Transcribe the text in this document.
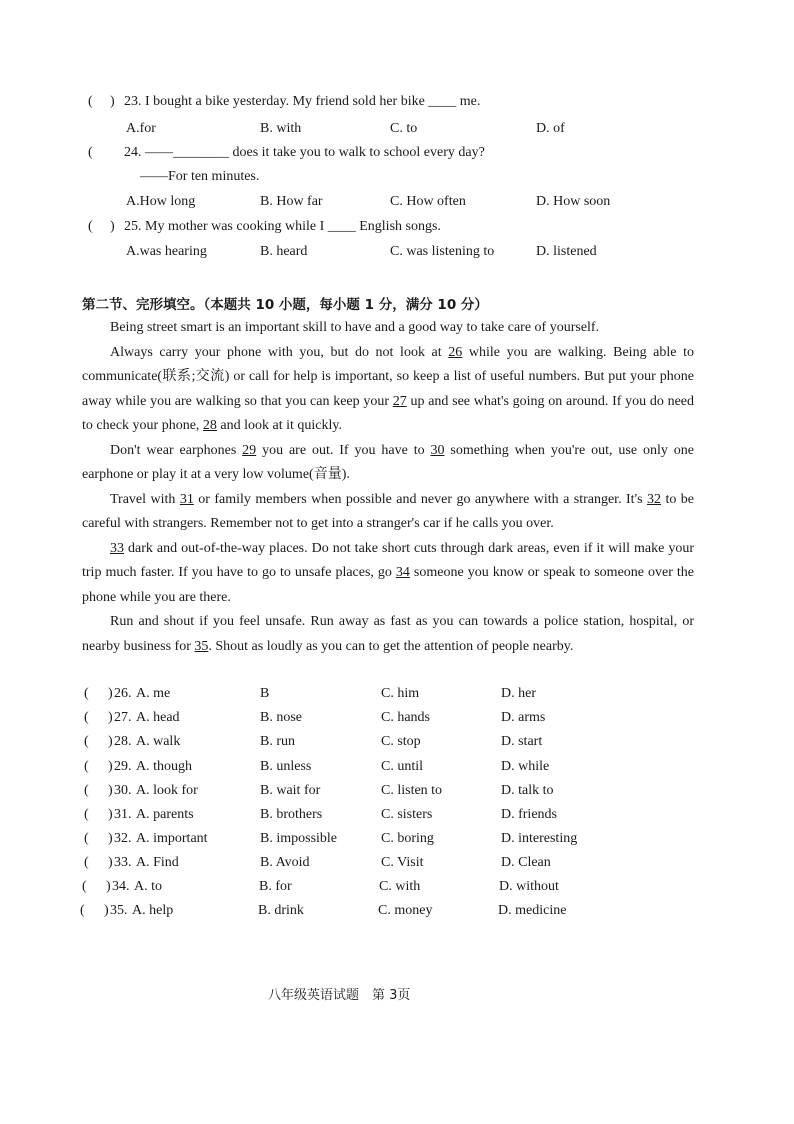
( ) 23. I bought a bike yesterday. My friend sold her bike ____ me.
A.for	B. with	C. to	D. of
( 24. ——________ does it take you to walk to school every day?
——For ten minutes.
A.How long	B. How far	C. How often	D. How soon
( ) 25. My mother was cooking while I ____ English songs.
A.was hearing	B. heard	C. was listening to	D. listened
第二节、完形填空。（本题共 10 小题，每小题 1 分，满分 10 分）
Being street smart is an important skill to have and a good way to take care of yourself.
Always carry your phone with you, but do not look at 26 while you are walking. Being able to communicate(联系;交流) or call for help is important, so keep a list of useful numbers. But put your phone away while you are walking so that you can keep your 27 up and see what's going on around. If you do need to check your phone, 28 and look at it quickly.
Don't wear earphones 29 you are out. If you have to 30 something when you're out, use only one earphone or play it at a very low volume(音量).
Travel with 31 or family members when possible and never go anywhere with a stranger. It's 32 to be careful with strangers. Remember not to get into a stranger's car if he calls you over.
33 dark and out-of-the-way places. Do not take short cuts through dark areas, even if it will make your trip much faster. If you have to go to unsafe places, go 34 someone you know or speak to someone over the phone while you are there.
Run and shout if you feel unsafe. Run away as fast as you can towards a police station, hospital, or nearby business for 35. Shout as loudly as you can to get the attention of people nearby.
( ) 26. A. me	B	C. him	D. her
( ) 27. A. head	B. nose	C. hands	D. arms
( ) 28. A. walk	B. run	C. stop	D. start
( ) 29. A. though	B. unless	C. until	D. while
( ) 30. A. look for	B. wait for	C. listen to	D. talk to
( ) 31. A. parents	B. brothers	C. sisters	D. friends
( ) 32. A. important	B. impossible	C. boring	D. interesting
( ) 33. A. Find	B. Avoid	C. Visit	D. Clean
( ) 34. A. to	B. for	C. with	D. without
( ) 35. A. help	B. drink	C. money	D. medicine
八年级英语试题　第 3页
